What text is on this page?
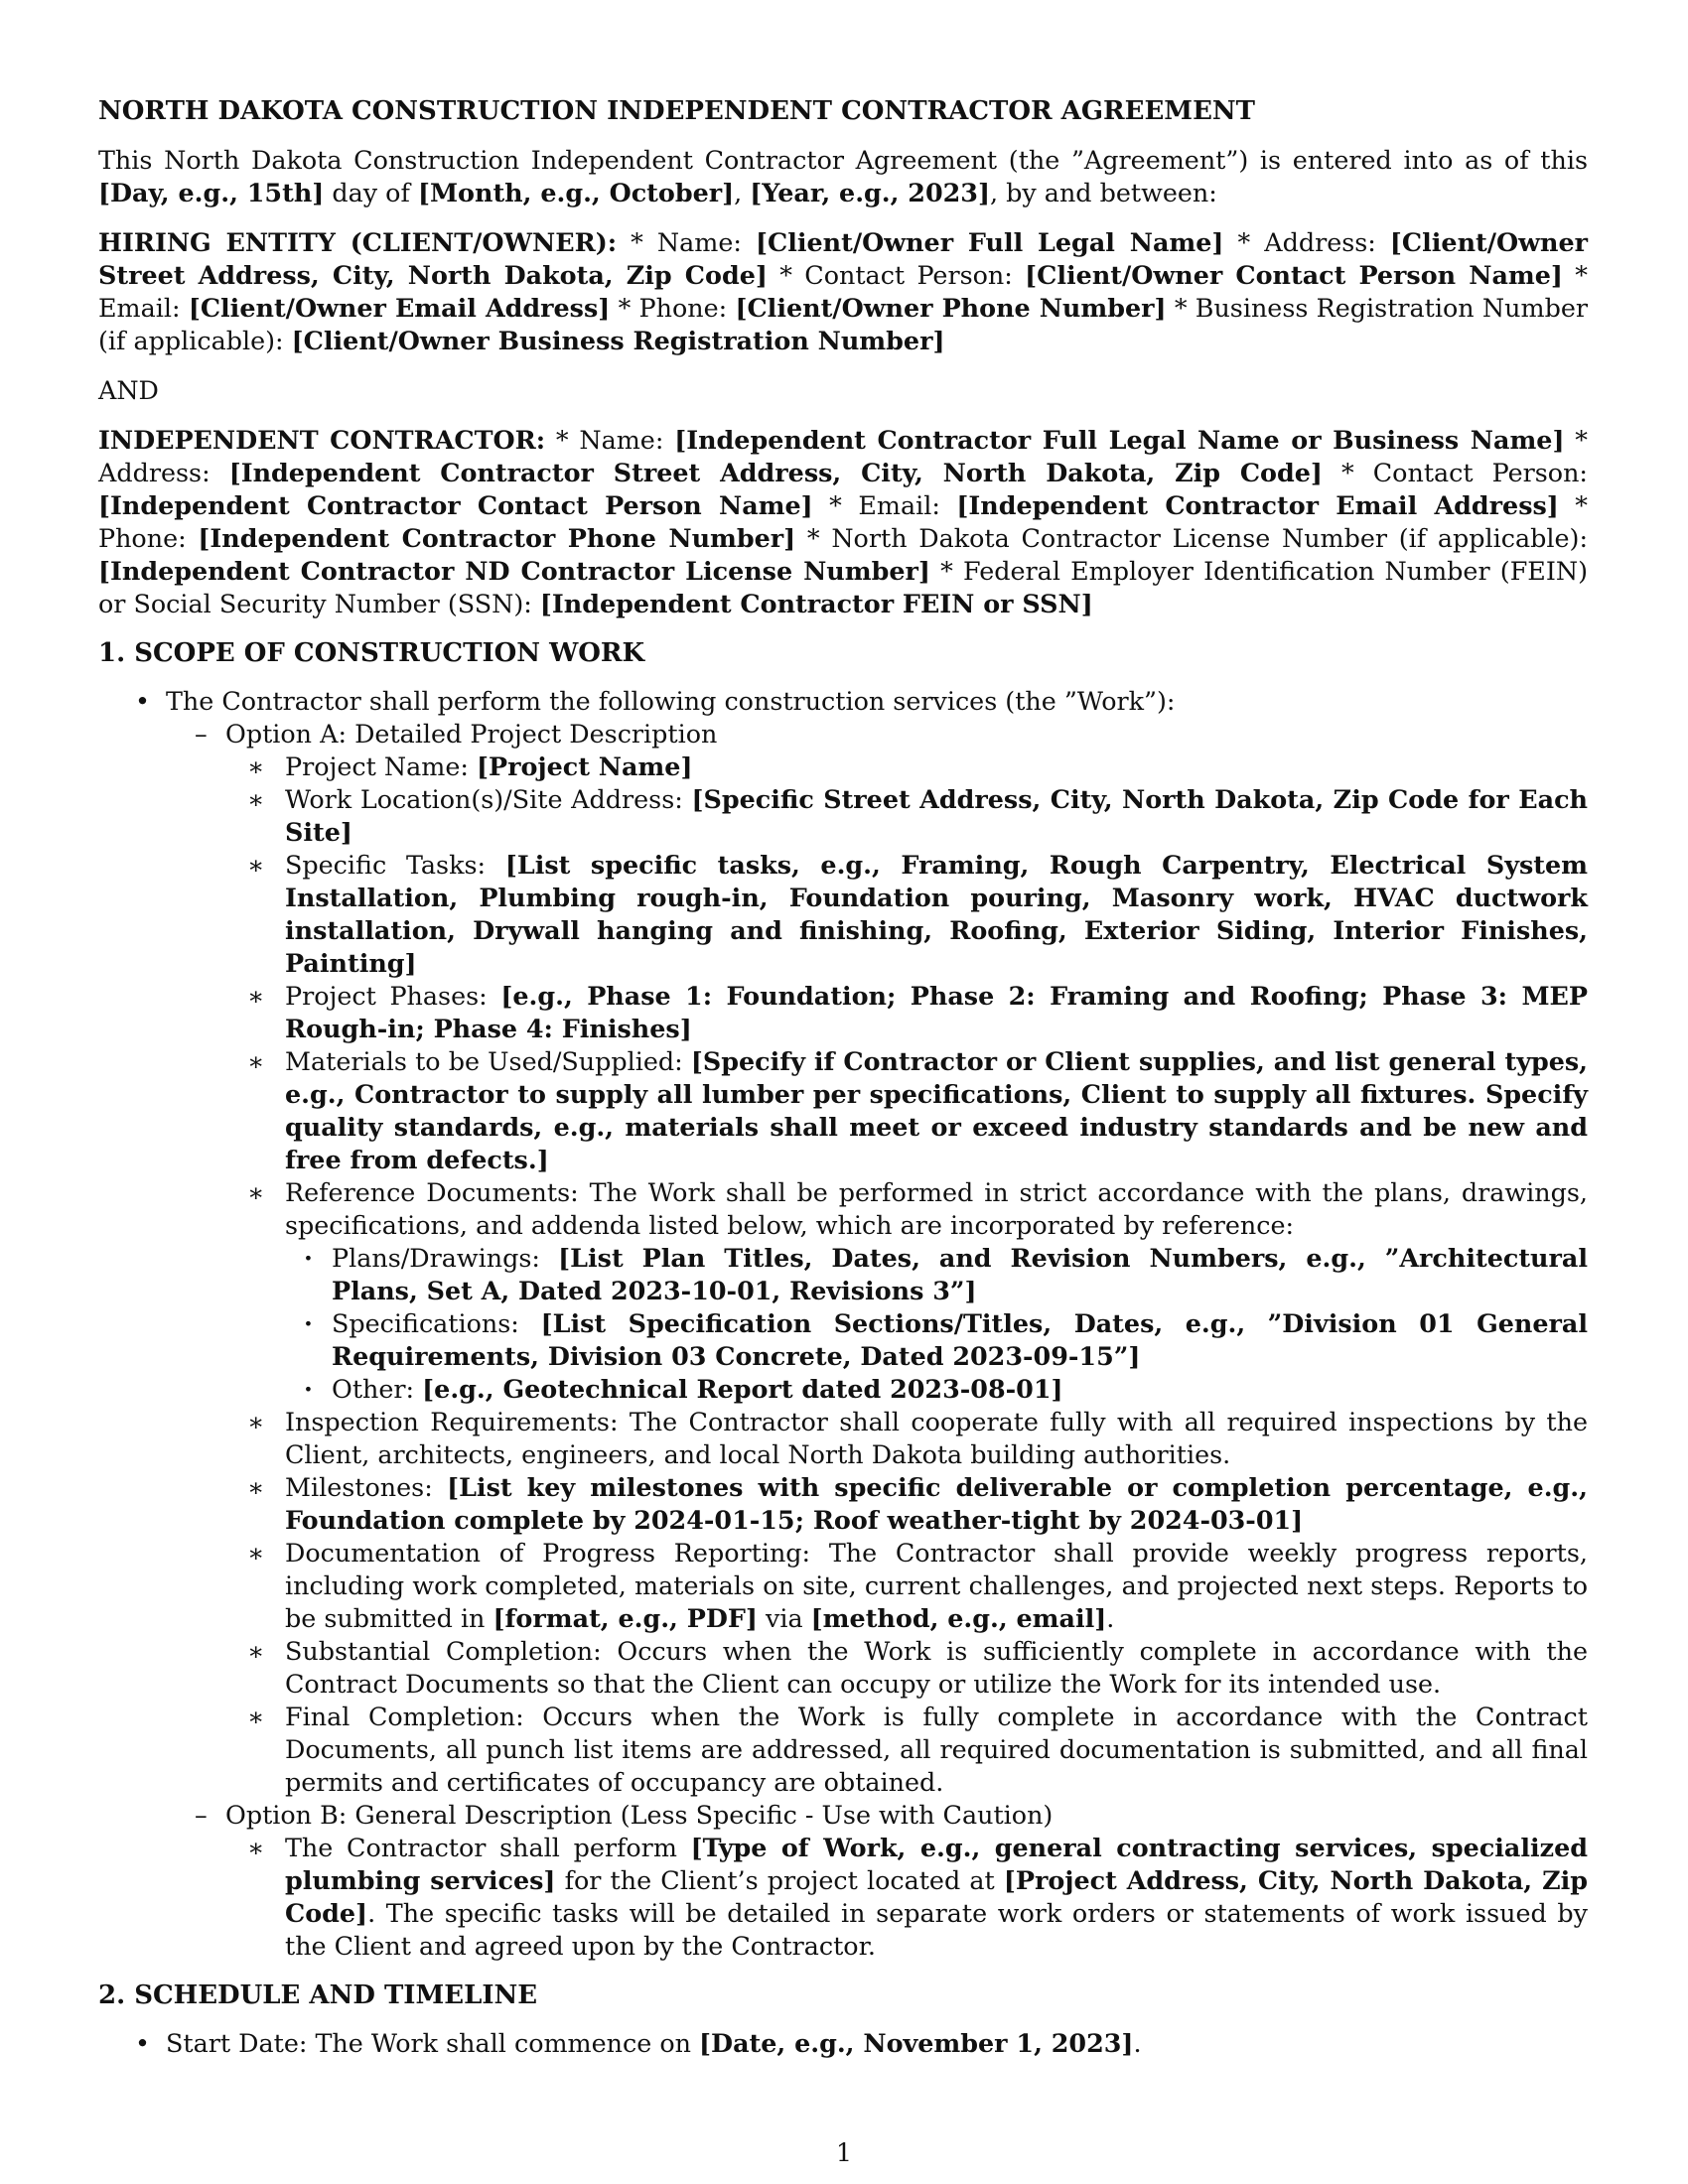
NORTH DAKOTA CONSTRUCTION INDEPENDENT CONTRACTOR AGREEMENT

This North Dakota Construction Independent Contractor Agreement (the ”Agreement”) is entered into as of this [Day, e.g., 15th] day of [Month, e.g., October], [Year, e.g., 2023], by and between:

HIRING ENTITY (CLIENT/OWNER): * Name: [Client/Owner Full Legal Name] * Address: [Client/Owner Street Address, City, North Dakota, Zip Code] * Contact Person: [Client/Owner Contact Person Name] * Email: [Client/Owner Email Address] * Phone: [Client/Owner Phone Number] * Business Registration Number (if applicable): [Client/Owner Business Registration Number]

AND

INDEPENDENT CONTRACTOR: * Name: [Independent Contractor Full Legal Name or Business Name] * Address: [Independent Contractor Street Address, City, North Dakota, Zip Code] * Contact Person: [Independent Contractor Contact Person Name] * Email: [Independent Contractor Email Address] * Phone: [Independent Contractor Phone Number] * North Dakota Contractor License Number (if applicable): [Independent Contractor ND Contractor License Number] * Federal Employer Identification Number (FEIN) or Social Security Number (SSN): [Independent Contractor FEIN or SSN]

1. SCOPE OF CONSTRUCTION WORK
• The Contractor shall perform the following construction services (the ”Work”):
– Option A: Detailed Project Description
∗ Project Name: [Project Name]
∗ Work Location(s)/Site Address: [Specific Street Address, City, North Dakota, Zip Code for Each Site]
∗ Specific Tasks: [List specific tasks, e.g., Framing, Rough Carpentry, Electrical System Installation, Plumbing rough-in, Foundation pouring, Masonry work, HVAC ductwork installation, Drywall hanging and finishing, Roofing, Exterior Siding, Interior Finishes, Painting]
∗ Project Phases: [e.g., Phase 1: Foundation; Phase 2: Framing and Roofing; Phase 3: MEP Rough-in; Phase 4: Finishes]
∗ Materials to be Used/Supplied: [Specify if Contractor or Client supplies, and list general types, e.g., Contractor to supply all lumber per specifications, Client to supply all fixtures. Specify quality standards, e.g., materials shall meet or exceed industry standards and be new and free from defects.]
∗ Reference Documents: The Work shall be performed in strict accordance with the plans, drawings, specifications, and addenda listed below, which are incorporated by reference:
· Plans/Drawings: [List Plan Titles, Dates, and Revision Numbers, e.g., ”Architectural Plans, Set A, Dated 2023-10-01, Revisions 3”]
· Specifications: [List Specification Sections/Titles, Dates, e.g., ”Division 01 General Requirements, Division 03 Concrete, Dated 2023-09-15”]
· Other: [e.g., Geotechnical Report dated 2023-08-01]
∗ Inspection Requirements: The Contractor shall cooperate fully with all required inspections by the Client, architects, engineers, and local North Dakota building authorities.
∗ Milestones: [List key milestones with specific deliverable or completion percentage, e.g., Foundation complete by 2024-01-15; Roof weather-tight by 2024-03-01]
∗ Documentation of Progress Reporting: The Contractor shall provide weekly progress reports, including work completed, materials on site, current challenges, and projected next steps. Reports to be submitted in [format, e.g., PDF] via [method, e.g., email].
∗ Substantial Completion: Occurs when the Work is sufficiently complete in accordance with the Contract Documents so that the Client can occupy or utilize the Work for its intended use.
∗ Final Completion: Occurs when the Work is fully complete in accordance with the Contract Documents, all punch list items are addressed, all required documentation is submitted, and all final permits and certificates of occupancy are obtained.
– Option B: General Description (Less Specific - Use with Caution)
∗ The Contractor shall perform [Type of Work, e.g., general contracting services, specialized plumbing services] for the Client’s project located at [Project Address, City, North Dakota, Zip Code]. The specific tasks will be detailed in separate work orders or statements of work issued by the Client and agreed upon by the Contractor.
2. SCHEDULE AND TIMELINE
• Start Date: The Work shall commence on [Date, e.g., November 1, 2023].
1
